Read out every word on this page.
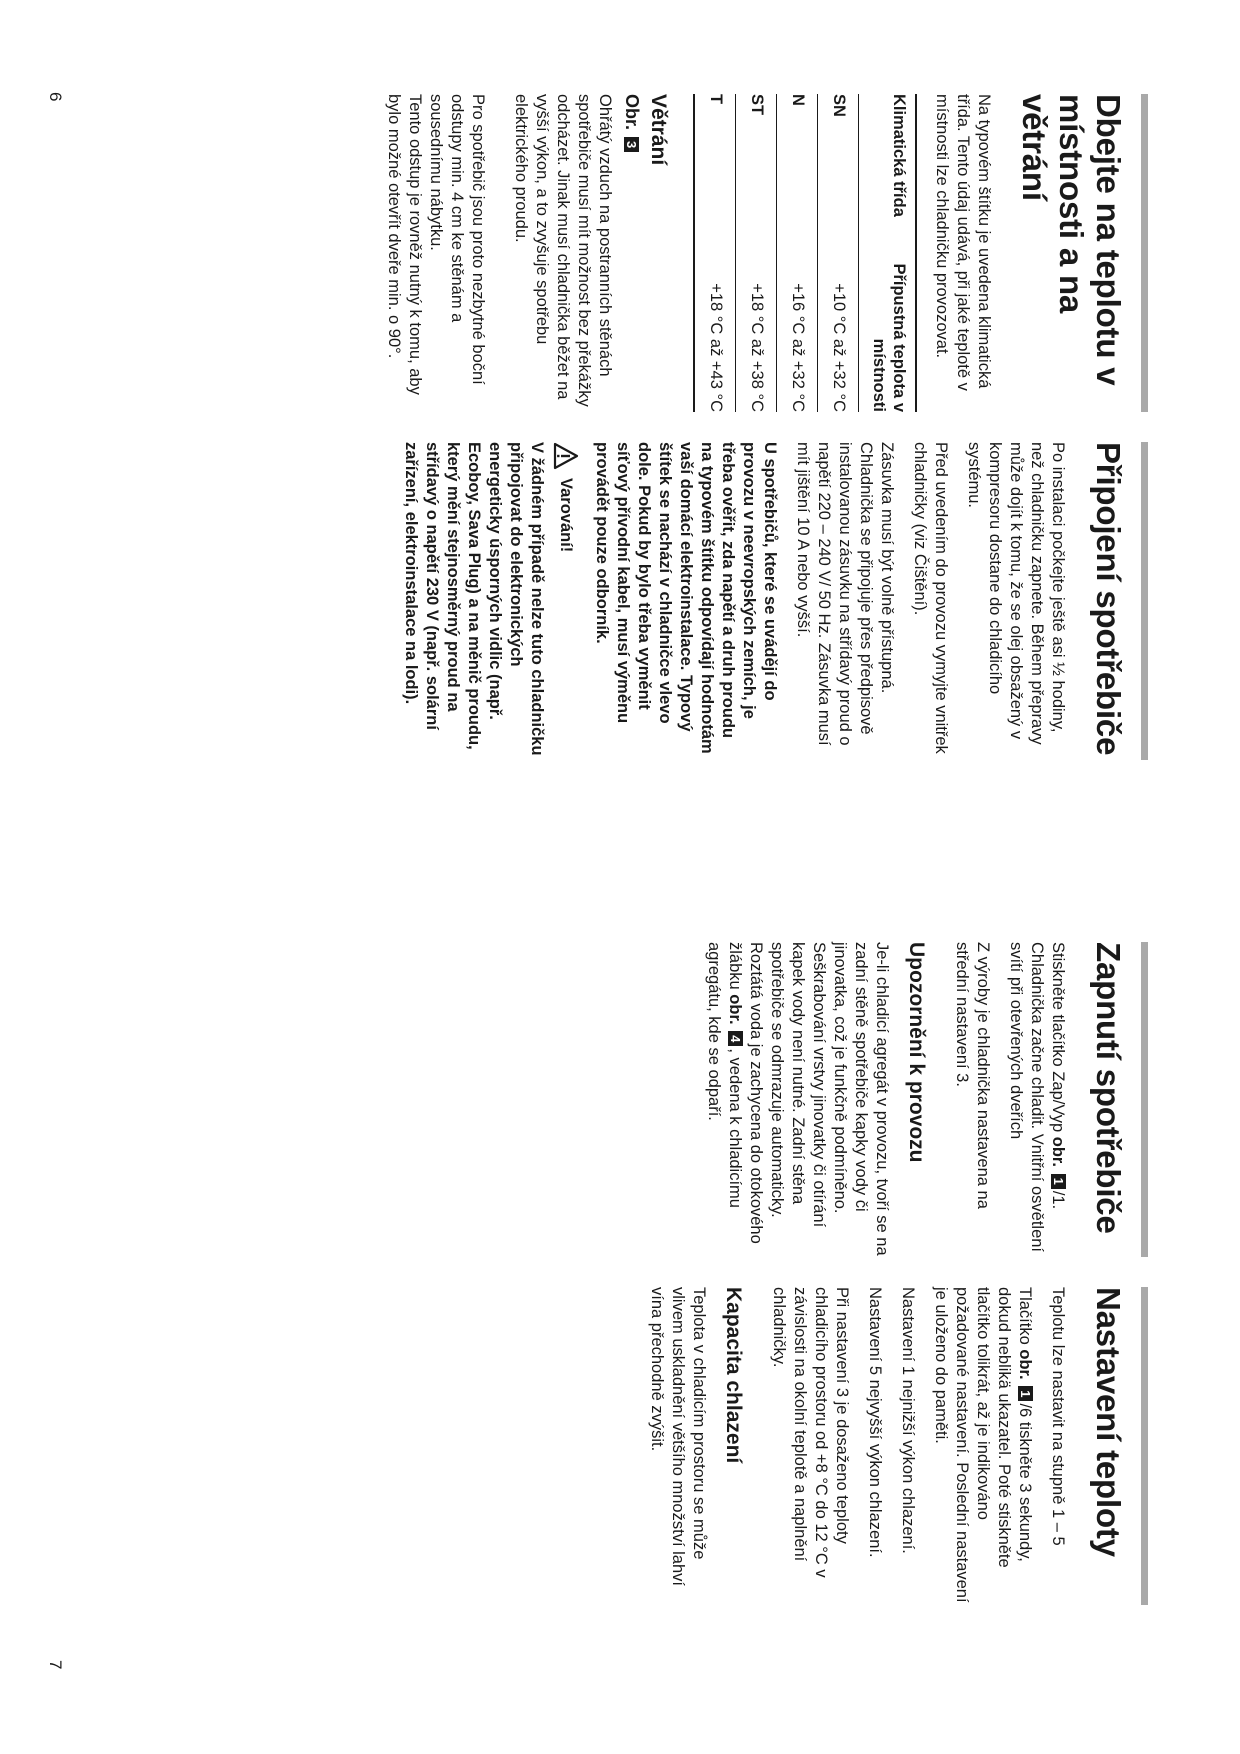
6
7
Dbejte na teplotu v místnosti a na větrání

Na typovém štítku je uvedena klimatická třída. Tento údaj udává, při jaké teplotě v místnosti lze chladničku provozovat.

Klimatická třída	Přípustná teplota v místnosti
SN	+10 °C až +32 °C
N	+16 °C až +32 °C
ST	+18 °C až +38 °C
T	+18 °C až +43 °C
Větrání

Obr. 3

Ohřátý vzduch na postranních stěnách spotřebiče musí mít možnost bez překážky odcházet. Jinak musí chladnička běžet na vyšší výkon, a to zvyšuje spotřebu elektrického proudu.

Pro spotřebič jsou proto nezbytné boční odstupy min. 4 cm ke stěnám a sousednímu nábytku.

Tento odstup je rovněž nutný k tomu, aby bylo možné otevřít dveře min. o 90°.

Připojení spotřebiče

Po instalaci počkejte ještě asi ½ hodiny, než chladničku zapnete. Během přepravy může dojít k tomu, že se olej obsažený v kompresoru dostane do chladicího systému.

Před uvedením do provozu vymyjte vnitřek chladničky (viz Čištění).

Zásuvka musí být volně přístupná. Chladnička se připojuje přes předpisově instalovanou zásuvku na střídavý proud o napětí 220 – 240 V/ 50 Hz. Zásuvka musí mít jištění 10 A nebo vyšší.

U spotřebičů, které se uvádějí do provozu v neevropských zemích, je třeba ověřit, zda napětí a druh proudu na typovém štítku odpovídají hodnotám vaší domácí elektroinstalace. Typový štítek se nachází v chladničce vlevo dole. Pokud by bylo třeba vyměnit síťový přívodní kabel, musí výměnu provádět pouze odborník.

Varování!

V žádném případě nelze tuto chladničku připojovat do elektronických energeticky úsporných vidlic (např. Ecoboy, Sava Plug) a na měnič proudu, který mění stejnosměrný proud na střídavý o napětí 230 V (např. solární zařízení, elektroinstalace na lodi).

Zapnutí spotřebiče

Stiskněte tlačítko Zap/Vyp obr. 1/1. Chladnička začne chladit. Vnitřní osvětlení svítí při otevřených dveřích

Z výroby je chladnička nastavena na střední nastavení 3.

Upozornění k provozu

Je-li chladicí agregát v provozu, tvoří se na zadní stěně spotřebiče kapky vody či jinovatka, což je funkčně podmíněno. Seškrabování vrstvy jinovatky či otírání kapek vody není nutné. Zadní stěna spotřebiče se odmrazuje automaticky. Roztátá voda je zachycena do otokového žlábku obr. 4, vedena k chladicímu agregátu, kde se odpaří.

Nastavení teploty

Teplotu lze nastavit na stupně 1 – 5

Tlačítko obr. 1/6 tiskněte 3 sekundy, dokud neblikä ukazatel. Poté stiskněte tlačítko tolikrát, až je indikováno požadované nastavení. Poslední nastavení je uloženo do paměti.

Nastavení 1 nejnižší výkon chlazení.

Nastavení 5 nejvyšší výkon chlazení.

Při nastavení 3 je dosaženo teploty chladicího prostoru od +8 °C do 12 °C v závislosti na okolní teplotě a naplnění chladničky.

Kapacita chlazení

Teplota v chladicím prostoru se může vlivem uskladnění většího množství lahví vína přechodně zvýšit.
